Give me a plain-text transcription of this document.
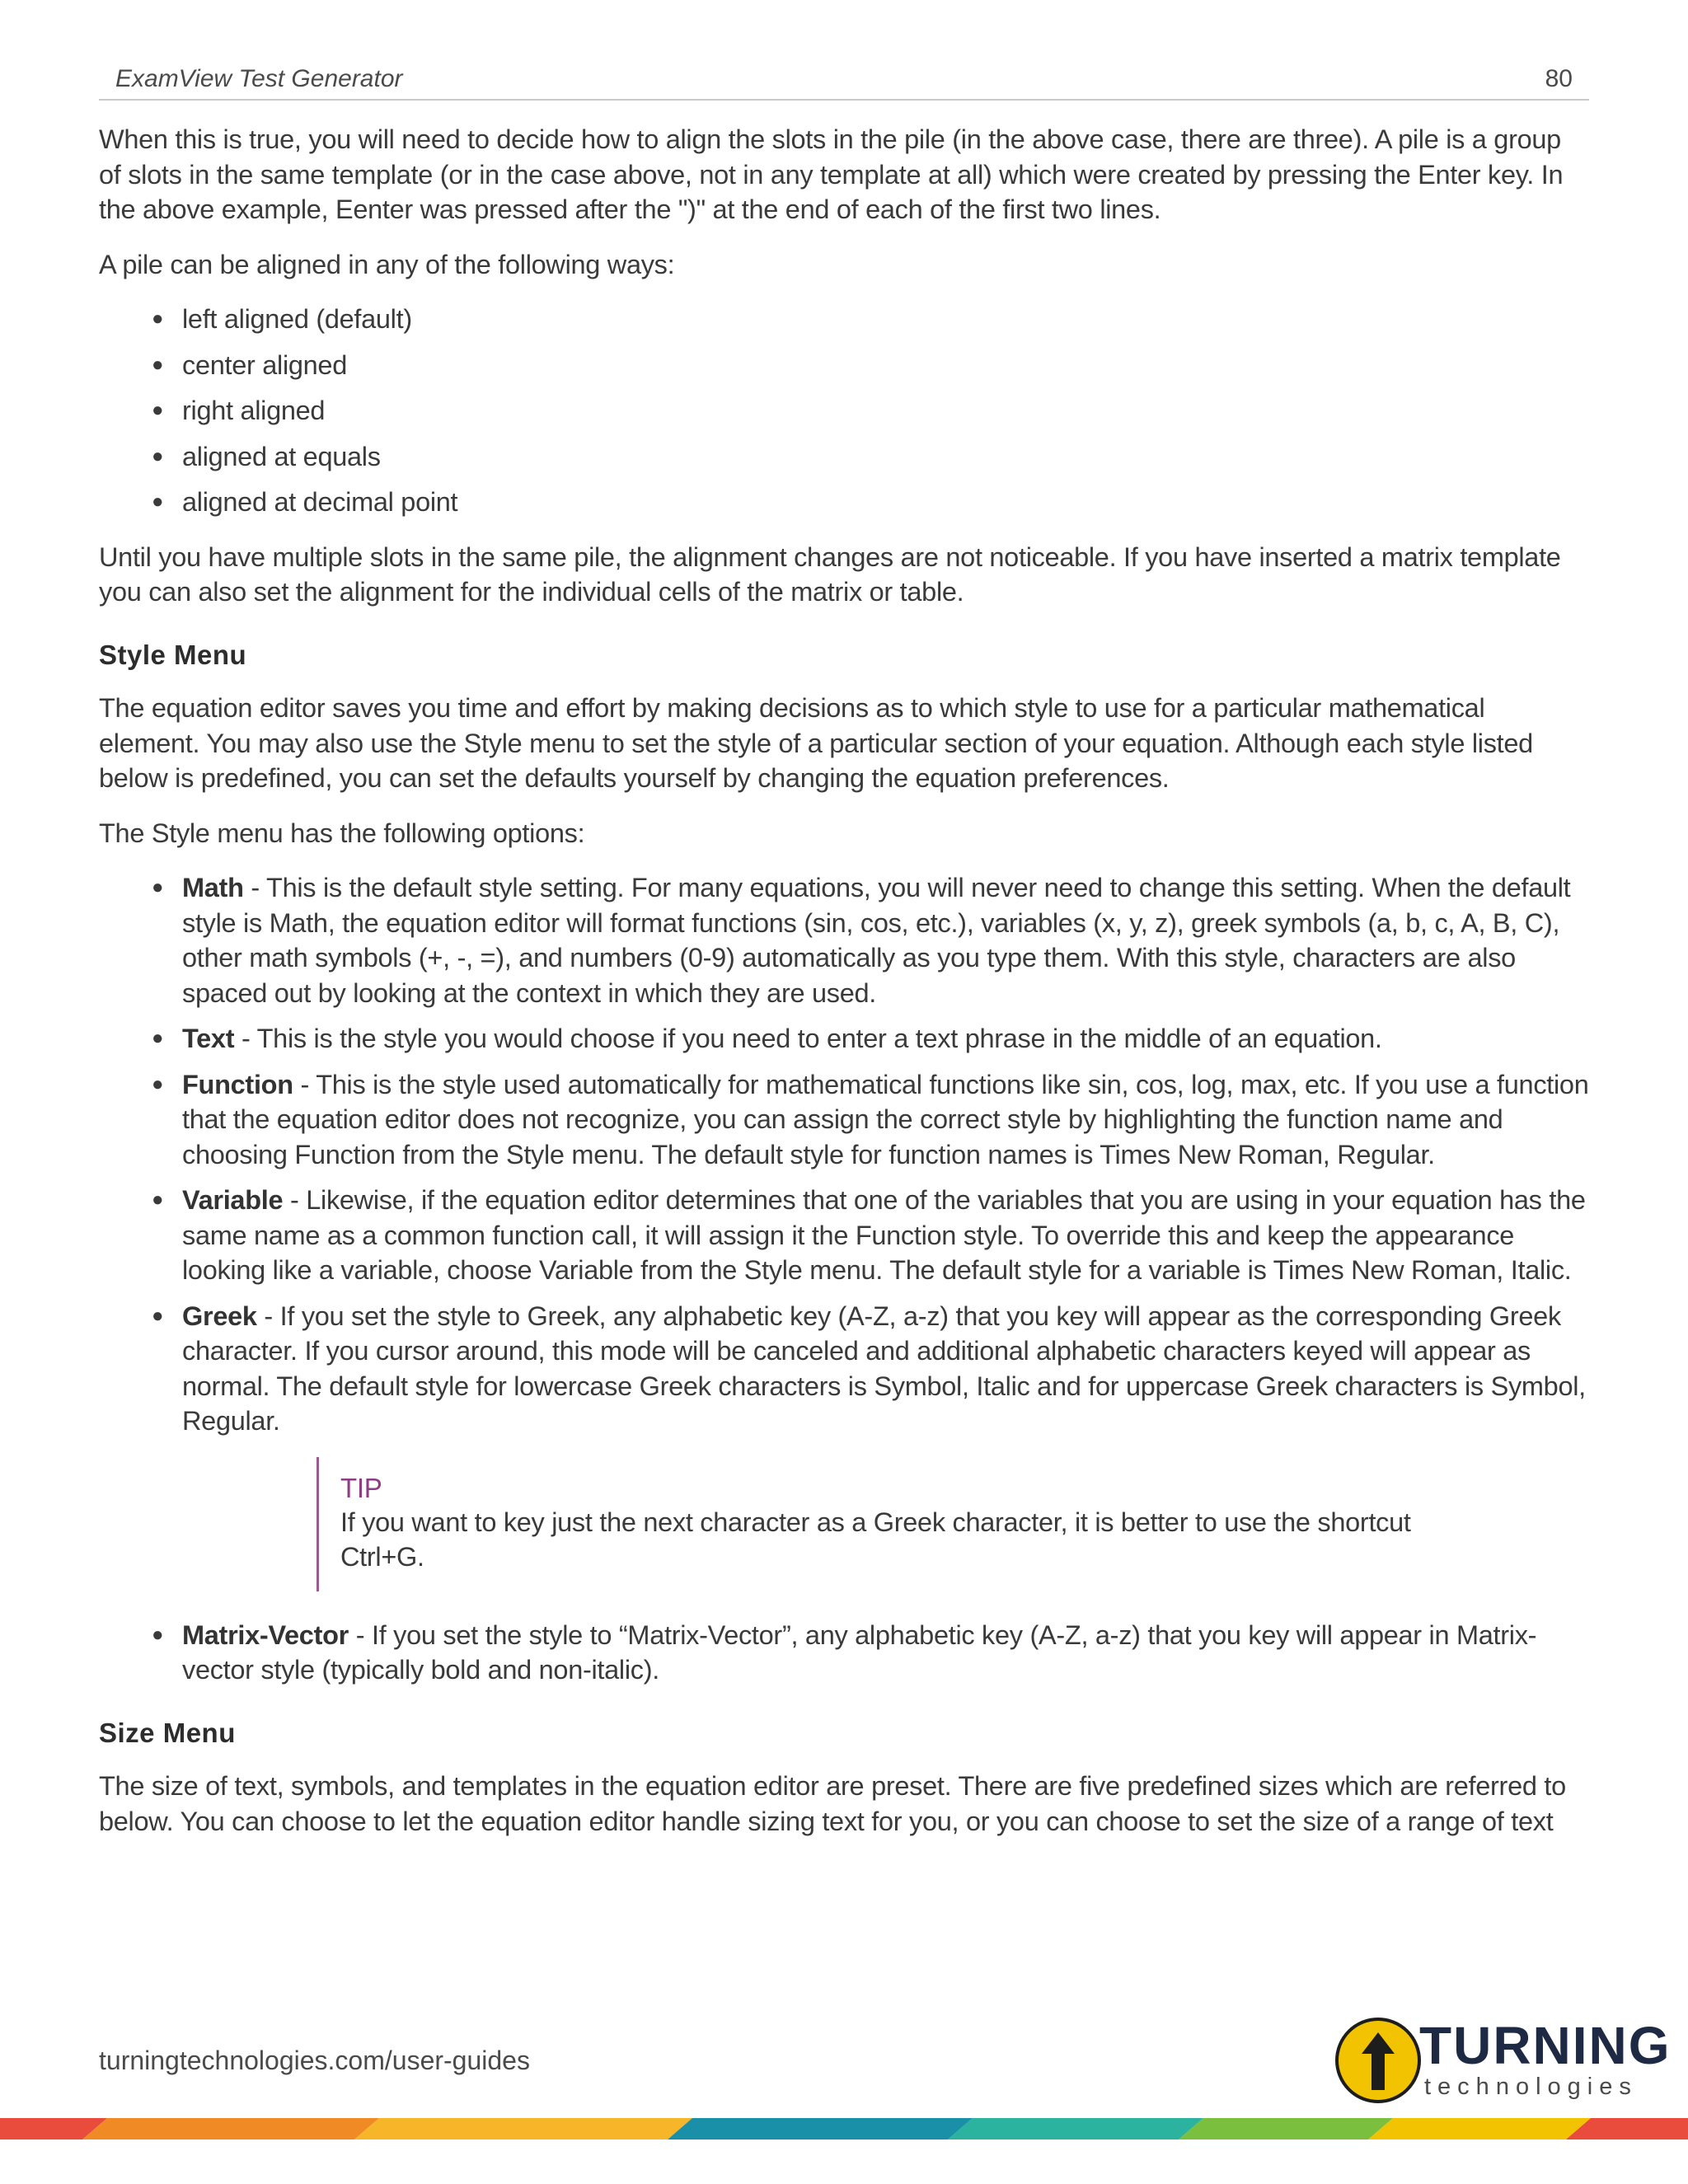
ExamView Test Generator	80

When this is true, you will need to decide how to align the slots in the pile (in the above case, there are three). A pile is a group of slots in the same template (or in the case above, not in any template at all) which were created by pressing the Enter key. In the above example, Eenter was pressed after the ")" at the end of each of the first two lines.

A pile can be aligned in any of the following ways:

● left aligned (default)
● center aligned
● right aligned
● aligned at equals
● aligned at decimal point

Until you have multiple slots in the same pile, the alignment changes are not noticeable. If you have inserted a matrix template you can also set the alignment for the individual cells of the matrix or table.

Style Menu

The equation editor saves you time and effort by making decisions as to which style to use for a particular mathematical element. You may also use the Style menu to set the style of a particular section of your equation. Although each style listed below is predefined, you can set the defaults yourself by changing the equation preferences.

The Style menu has the following options:

● Math - This is the default style setting. For many equations, you will never need to change this setting. When the default style is Math, the equation editor will format functions (sin, cos, etc.), variables (x, y, z), greek symbols (a, b, c, A, B, C), other math symbols (+, -, =), and numbers (0-9) automatically as you type them. With this style, characters are also spaced out by looking at the context in which they are used.
● Text - This is the style you would choose if you need to enter a text phrase in the middle of an equation.
● Function - This is the style used automatically for mathematical functions like sin, cos, log, max, etc. If you use a function that the equation editor does not recognize, you can assign the correct style by highlighting the function name and choosing Function from the Style menu. The default style for function names is Times New Roman, Regular.
● Variable - Likewise, if the equation editor determines that one of the variables that you are using in your equation has the same name as a common function call, it will assign it the Function style. To override this and keep the appearance looking like a variable, choose Variable from the Style menu. The default style for a variable is Times New Roman, Italic.
● Greek - If you set the style to Greek, any alphabetic key (A-Z, a-z) that you key will appear as the corresponding Greek character. If you cursor around, this mode will be canceled and additional alphabetic characters keyed will appear as normal. The default style for lowercase Greek characters is Symbol, Italic and for uppercase Greek characters is Symbol, Regular.
TIP
If you want to key just the next character as a Greek character, it is better to use the shortcut Ctrl+G.
● Matrix-Vector - If you set the style to “Matrix-Vector”, any alphabetic key (A-Z, a-z) that you key will appear in Matrix-vector style (typically bold and non-italic).
Size Menu

The size of text, symbols, and templates in the equation editor are preset. There are five predefined sizes which are referred to below. You can choose to let the equation editor handle sizing text for you, or you can choose to set the size of a range of text

turningtechnologies.com/user-guides	TURNING
technologies
